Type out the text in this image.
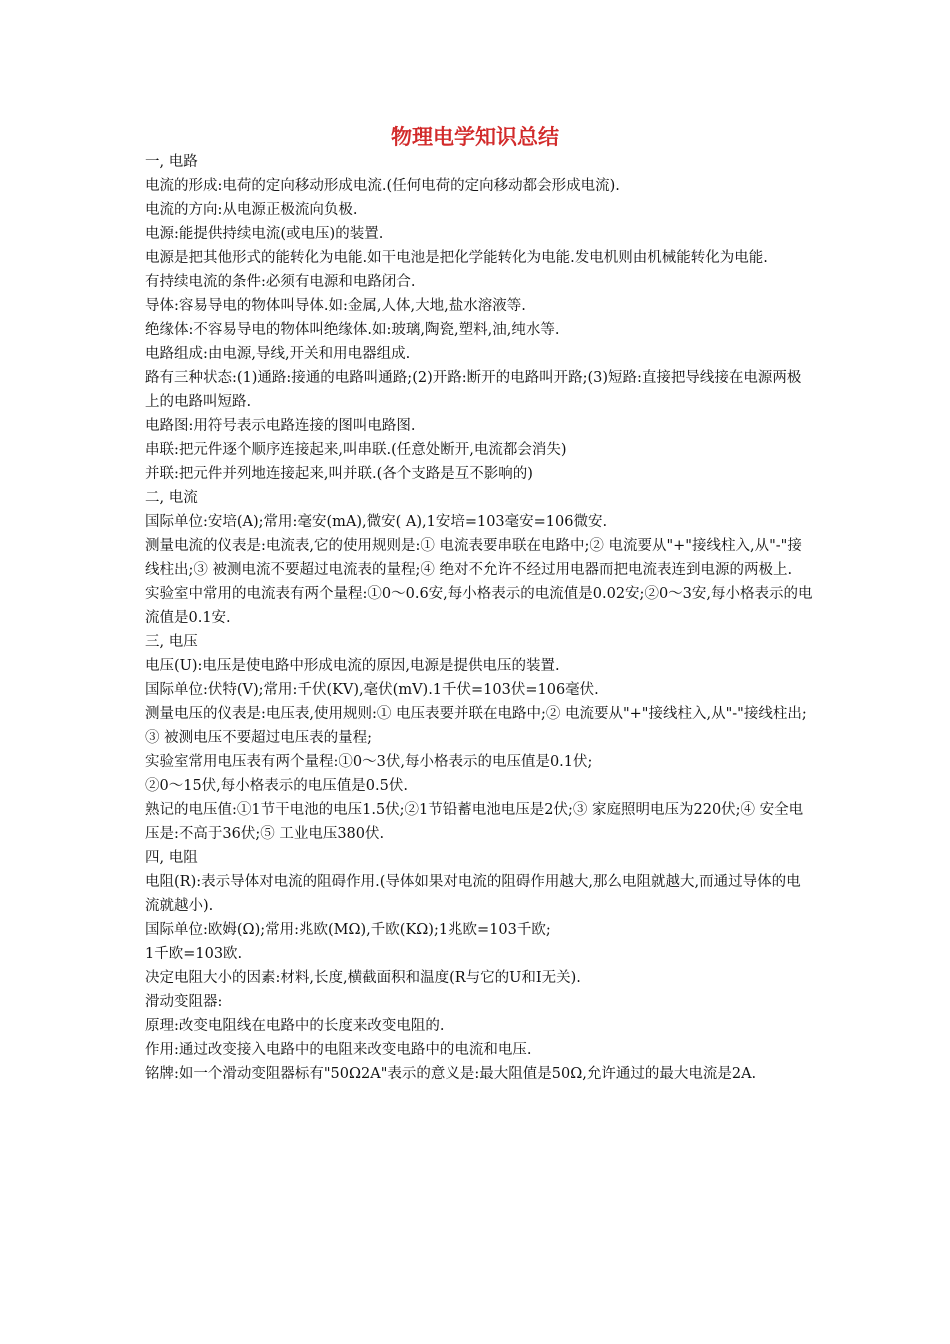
物理电学知识总结

一, 电路

电流的形成:电荷的定向移动形成电流.(任何电荷的定向移动都会形成电流).

电流的方向:从电源正极流向负极.

电源:能提供持续电流(或电压)的装置.

电源是把其他形式的能转化为电能.如干电池是把化学能转化为电能.发电机则由机械能转化为电能.

有持续电流的条件:必须有电源和电路闭合.

导体:容易导电的物体叫导体.如:金属,人体,大地,盐水溶液等.

绝缘体:不容易导电的物体叫绝缘体.如:玻璃,陶瓷,塑料,油,纯水等.

电路组成:由电源,导线,开关和用电器组成.

路有三种状态:(1)通路:接通的电路叫通路;(2)开路:断开的电路叫开路;(3)短路:直接把导线接在电源两极上的电路叫短路.

电路图:用符号表示电路连接的图叫电路图.

串联:把元件逐个顺序连接起来,叫串联.(任意处断开,电流都会消失)

并联:把元件并列地连接起来,叫并联.(各个支路是互不影响的)

二, 电流

国际单位:安培(A);常用:毫安(mA),微安( A),1安培=103毫安=106微安.

测量电流的仪表是:电流表,它的使用规则是:① 电流表要串联在电路中;② 电流要从"+"接线柱入,从"-"接线柱出;③ 被测电流不要超过电流表的量程;④ 绝对不允许不经过用电器而把电流表连到电源的两极上.

实验室中常用的电流表有两个量程:①0～0.6安,每小格表示的电流值是0.02安;②0～3安,每小格表示的电流值是0.1安.

三, 电压

电压(U):电压是使电路中形成电流的原因,电源是提供电压的装置.

国际单位:伏特(V);常用:千伏(KV),毫伏(mV).1千伏=103伏=106毫伏.

测量电压的仪表是:电压表,使用规则:① 电压表要并联在电路中;② 电流要从"+"接线柱入,从"-"接线柱出;③ 被测电压不要超过电压表的量程;

实验室常用电压表有两个量程:①0～3伏,每小格表示的电压值是0.1伏;

②0～15伏,每小格表示的电压值是0.5伏.

熟记的电压值:①1节干电池的电压1.5伏;②1节铅蓄电池电压是2伏;③ 家庭照明电压为220伏;④ 安全电压是:不高于36伏;⑤ 工业电压380伏.

四, 电阻

电阻(R):表示导体对电流的阻碍作用.(导体如果对电流的阻碍作用越大,那么电阻就越大,而通过导体的电流就越小).

国际单位:欧姆(Ω);常用:兆欧(MΩ),千欧(KΩ);1兆欧=103千欧;

1千欧=103欧.

决定电阻大小的因素:材料,长度,横截面积和温度(R与它的U和I无关).

滑动变阻器:

原理:改变电阻线在电路中的长度来改变电阻的.

作用:通过改变接入电路中的电阻来改变电路中的电流和电压.

铭牌:如一个滑动变阻器标有"50Ω2A"表示的意义是:最大阻值是50Ω,允许通过的最大电流是2A.
